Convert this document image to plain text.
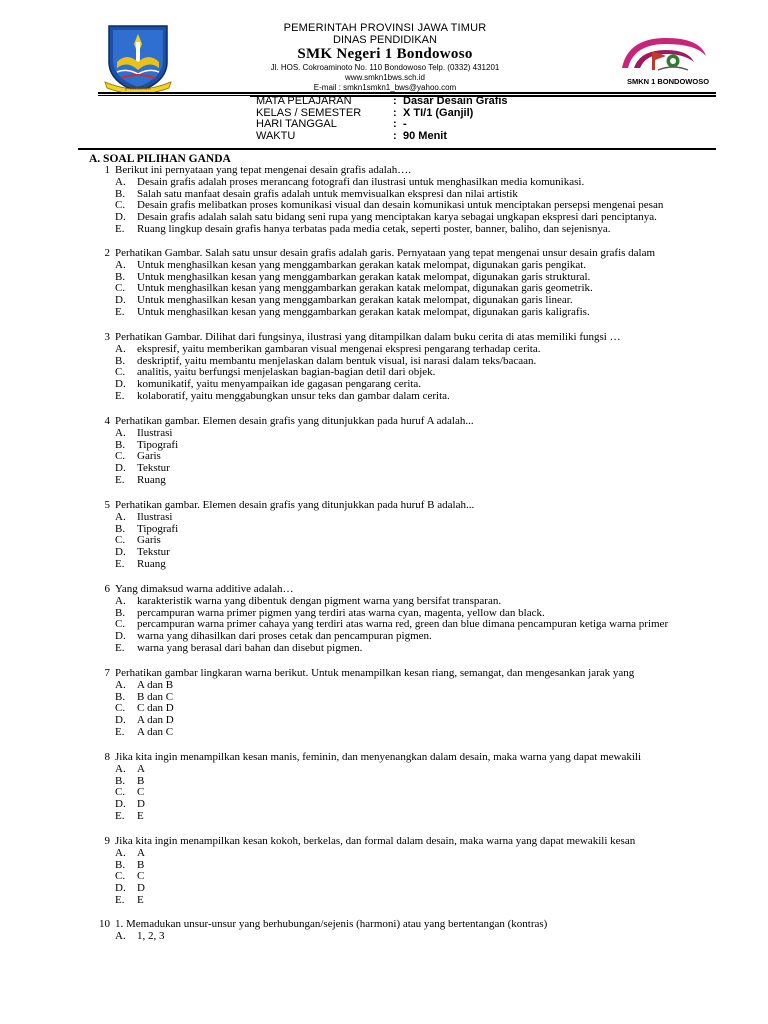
JAWA TIMUR
PEMERINTAH PROVINSI JAWA TIMUR
DINAS PENDIDIKAN
SMK Negeri 1 Bondowoso
Jl. HOS. Cokroaminoto No. 110 Bondowoso Telp. (0332) 431201
www.smkn1bws.sch.id
E-mail : smkn1smkn1_bws@yahoo.com
SMKN 1 BONDOWOSO
MATA PELAJARAN	: Dasar Desain Grafis
KELAS / SEMESTER	: X TI/1 (Ganjil)
HARI TANGGAL	: -
WAKTU	: 90 Menit
A. SOAL PILIHAN GANDA
1 Berikut ini pernyataan yang tepat mengenai desain grafis adalah….
A.	Desain grafis adalah proses merancang fotografi dan ilustrasi untuk menghasilkan media komunikasi.
B.	Salah satu manfaat desain grafis adalah untuk memvisualkan ekspresi dan nilai artistik
C.	Desain grafis melibatkan proses komunikasi visual dan desain komunikasi untuk menciptakan persepsi mengenai pesan
D.	Desain grafis adalah salah satu bidang seni rupa yang menciptakan karya sebagai ungkapan ekspresi dari penciptanya.
E.	Ruang lingkup desain grafis hanya terbatas pada media cetak, seperti poster, banner, baliho, dan sejenisnya.
2 Perhatikan Gambar. Salah satu unsur desain grafis adalah garis. Pernyataan yang tepat mengenai unsur desain grafis dalam
A.	Untuk menghasilkan kesan yang menggambarkan gerakan katak melompat, digunakan garis pengikat.
B.	Untuk menghasilkan kesan yang menggambarkan gerakan katak melompat, digunakan garis struktural.
C.	Untuk menghasilkan kesan yang menggambarkan gerakan katak melompat, digunakan garis geometrik.
D.	Untuk menghasilkan kesan yang menggambarkan gerakan katak melompat, digunakan garis linear.
E.	Untuk menghasilkan kesan yang menggambarkan gerakan katak melompat, digunakan garis kaligrafis.
3 Perhatikan Gambar. Dilihat dari fungsinya, ilustrasi yang ditampilkan dalam buku cerita di atas memiliki fungsi …
A.	ekspresif, yaitu memberikan gambaran visual mengenai ekspresi pengarang terhadap cerita.
B.	deskriptif, yaitu membantu menjelaskan dalam bentuk visual, isi narasi dalam teks/bacaan.
C.	analitis, yaitu berfungsi menjelaskan bagian-bagian detil dari objek.
D.	komunikatif, yaitu menyampaikan ide gagasan pengarang cerita.
E.	kolaboratif, yaitu menggabungkan unsur teks dan gambar dalam cerita.
4 Perhatikan gambar. Elemen desain grafis yang ditunjukkan pada huruf A adalah...
A.	Ilustrasi
B.	Tipografi
C.	Garis
D.	Tekstur
E.	Ruang
5 Perhatikan gambar. Elemen desain grafis yang ditunjukkan pada huruf B adalah...
A.	Ilustrasi
B.	Tipografi
C.	Garis
D.	Tekstur
E.	Ruang
6 Yang dimaksud warna additive adalah…
A.	karakteristik warna yang dibentuk dengan pigment warna yang bersifat transparan.
B.	percampuran warna primer pigmen yang terdiri atas warna cyan, magenta, yellow dan black.
C.	percampuran warna primer cahaya yang terdiri atas warna red, green dan blue dimana pencampuran ketiga warna primer
D.	warna yang dihasilkan dari proses cetak dan pencampuran pigmen.
E.	warna yang berasal dari bahan dan disebut pigmen.
7 Perhatikan gambar lingkaran warna berikut. Untuk menampilkan kesan riang, semangat, dan mengesankan jarak yang
A.	A dan B
B.	B dan C
C.	C dan D
D.	A dan D
E.	A dan C
8 Jika kita ingin menampilkan kesan manis, feminin, dan menyenangkan dalam desain, maka warna yang dapat mewakili
A.	A
B.	B
C.	C
D.	D
E.	E
9 Jika kita ingin menampilkan kesan kokoh, berkelas, dan formal dalam desain, maka warna yang dapat mewakili kesan
A.	A
B.	B
C.	C
D.	D
E.	E
10 1. Memadukan unsur-unsur yang berhubungan/sejenis (harmoni) atau yang bertentangan (kontras)
A.	1, 2, 3
